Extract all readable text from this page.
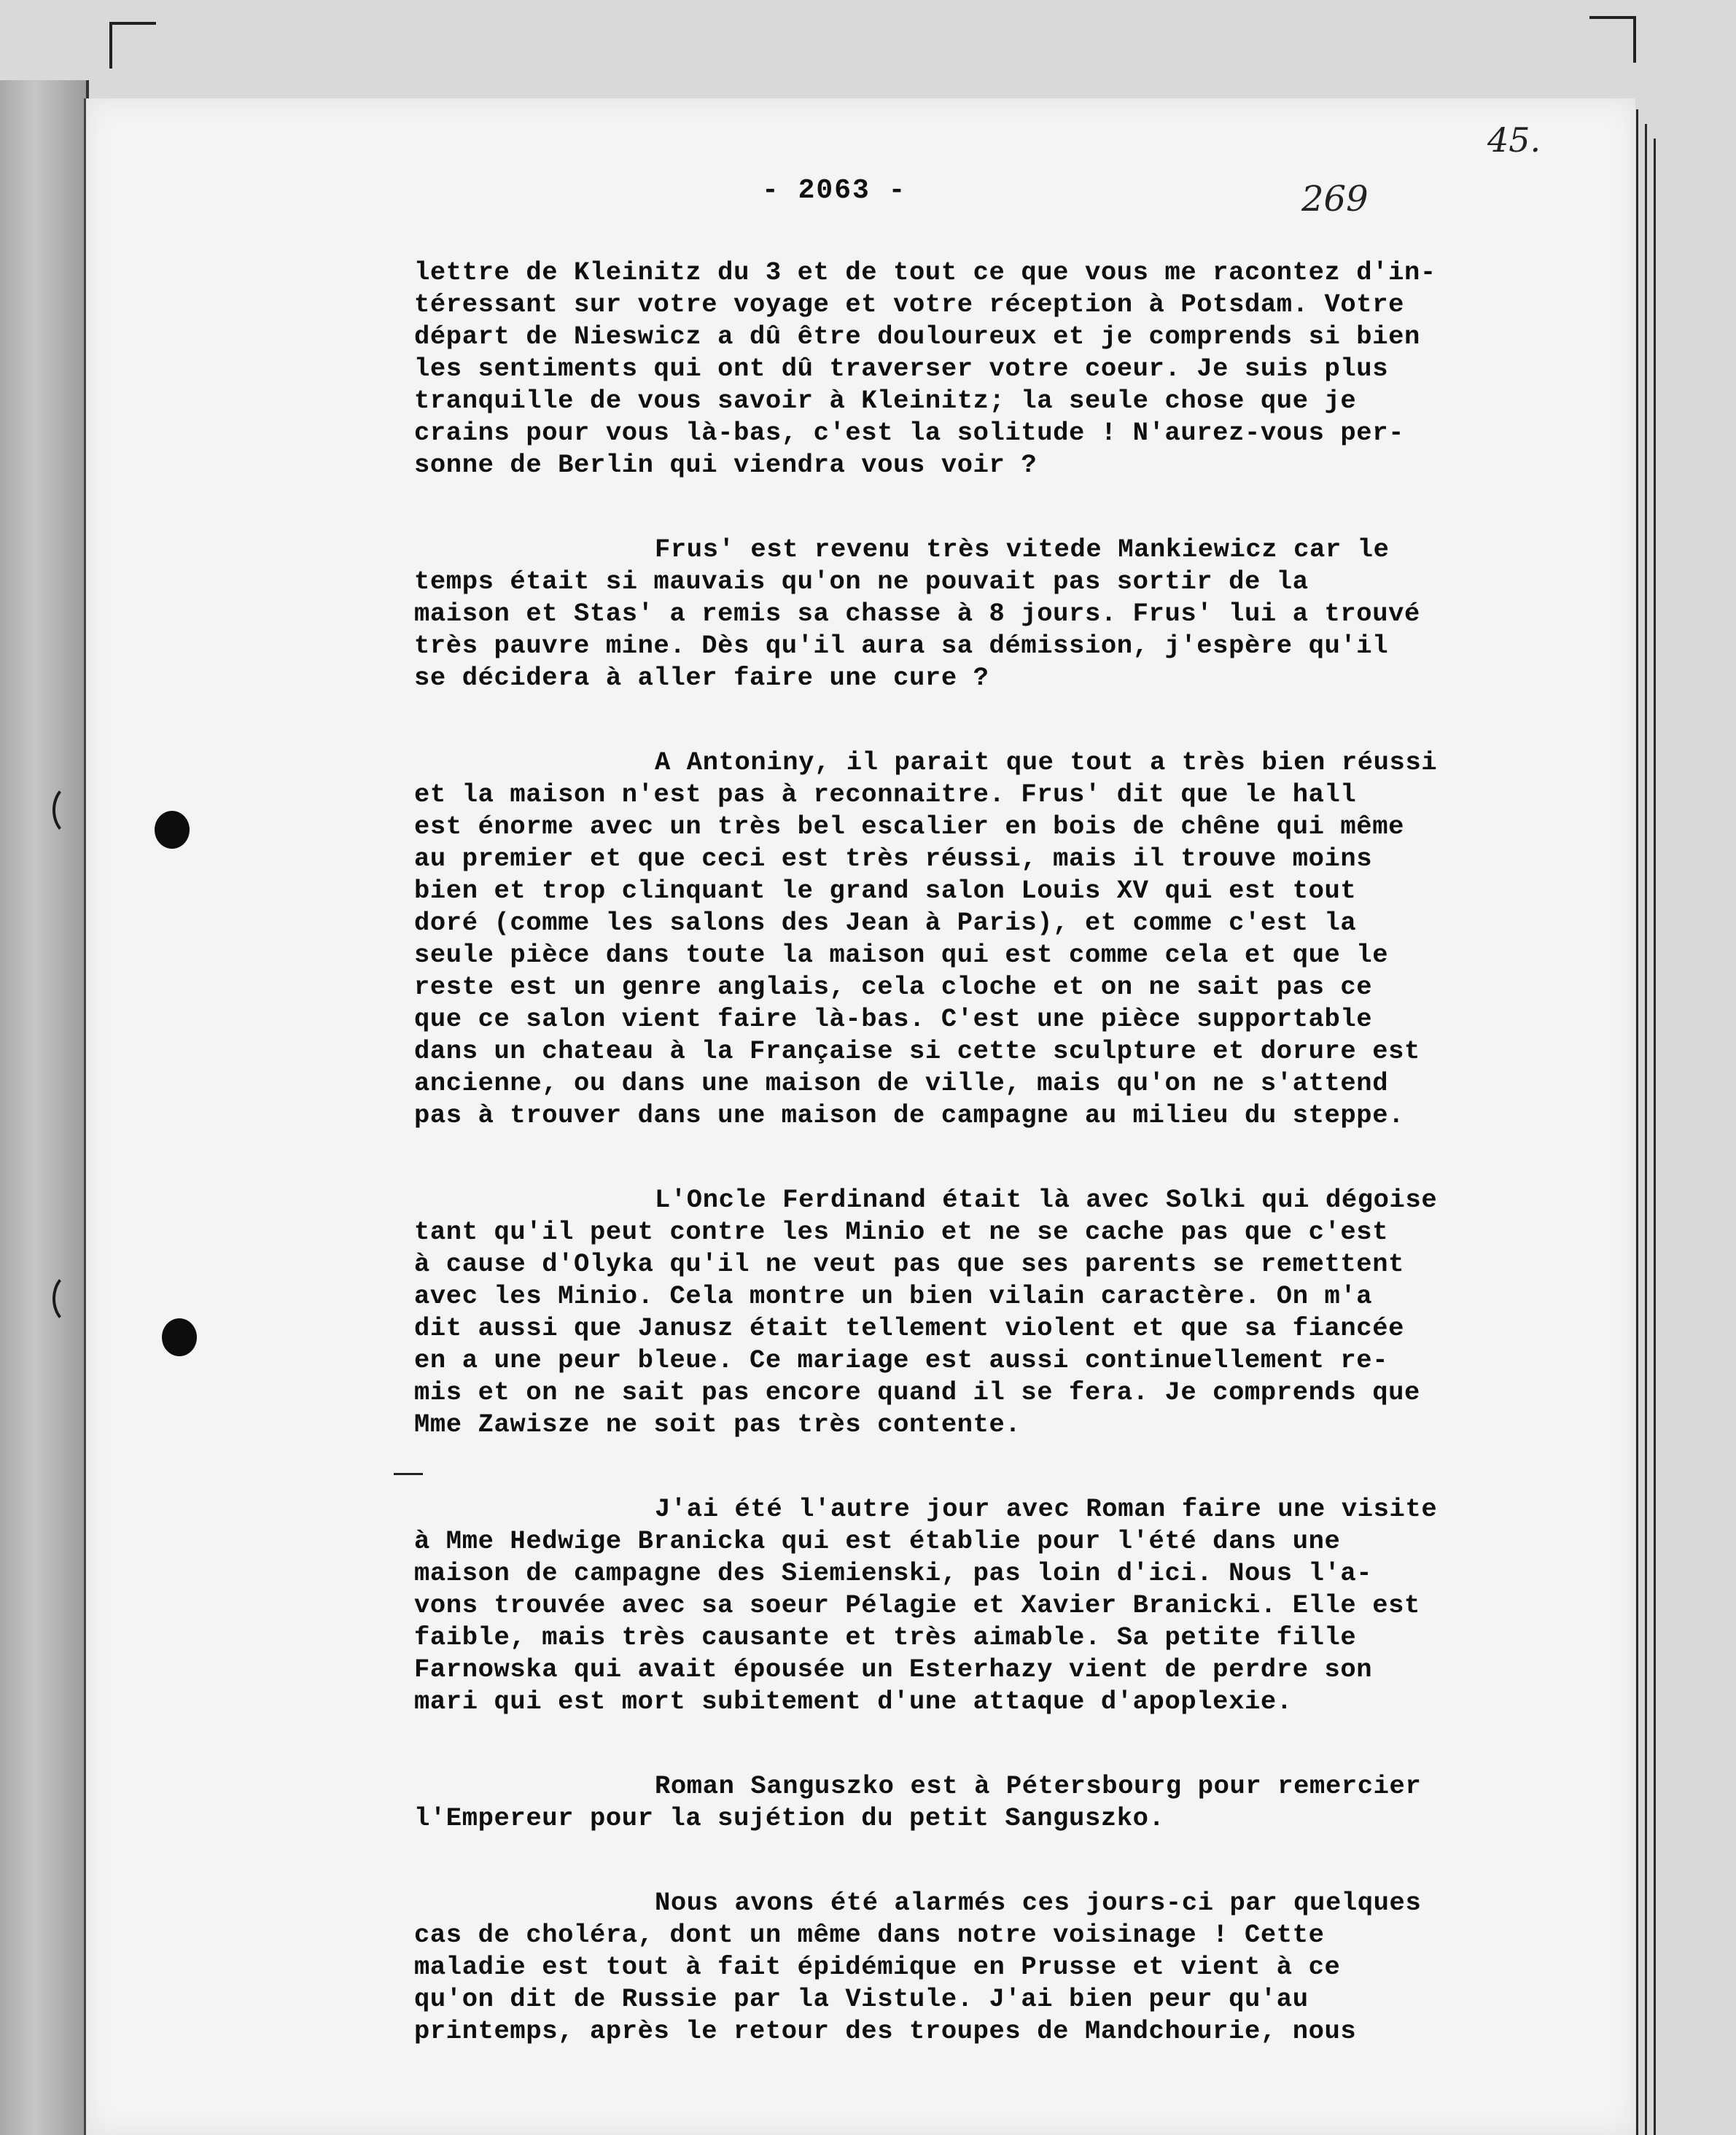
- 2063 -	269
45.
lettre de Kleinitz du 3 et de tout ce que vous me racontez d'in-
téressant sur votre voyage et votre réception à Potsdam. Votre
départ de Nieswicz a dû être douloureux et je comprends si bien
les sentiments qui ont dû traverser votre coeur. Je suis plus
tranquille de vous savoir à Kleinitz; la seule chose que je
crains pour vous là-bas, c'est la solitude ! N'aurez-vous per-
sonne de Berlin qui viendra vous voir ?
Frus' est revenu très vitede Mankiewicz car le
temps était si mauvais qu'on ne pouvait pas sortir de la
maison et Stas' a remis sa chasse à 8 jours. Frus' lui a trouvé
très pauvre mine. Dès qu'il aura sa démission, j'espère qu'il
se décidera à aller faire une cure ?
A Antoniny, il parait que tout a très bien réussi
et la maison n'est pas à reconnaitre. Frus' dit que le hall
est énorme avec un très bel escalier en bois de chêne qui même
au premier et que ceci est très réussi, mais il trouve moins
bien et trop clinquant le grand salon Louis XV qui est tout
doré (comme les salons des Jean à Paris), et comme c'est la
seule pièce dans toute la maison qui est comme cela et que le
reste est un genre anglais, cela cloche et on ne sait pas ce
que ce salon vient faire là-bas. C'est une pièce supportable
dans un chateau à la Française si cette sculpture et dorure est
ancienne, ou dans une maison de ville, mais qu'on ne s'attend
pas à trouver dans une maison de campagne au milieu du steppe.
L'Oncle Ferdinand était là avec Solki qui dégoise
tant qu'il peut contre les Minio et ne se cache pas que c'est
à cause d'Olyka qu'il ne veut pas que ses parents se remettent
avec les Minio. Cela montre un bien vilain caractère. On m'a
dit aussi que Janusz était tellement violent et que sa fiancée
en a une peur bleue. Ce mariage est aussi continuellement re-
mis et on ne sait pas encore quand il se fera. Je comprends que
Mme Zawisze ne soit pas très contente.
J'ai été l'autre jour avec Roman faire une visite
à Mme Hedwige Branicka qui est établie pour l'été dans une
maison de campagne des Siemienski, pas loin d'ici. Nous l'a-
vons trouvée avec sa soeur Pélagie et Xavier Branicki. Elle est
faible, mais très causante et très aimable. Sa petite fille
Farnowska qui avait épousée un Esterhazy vient de perdre son
mari qui est mort subitement d'une attaque d'apoplexie.
Roman Sanguszko est à Pétersbourg pour remercier
l'Empereur pour la sujétion du petit Sanguszko.
Nous avons été alarmés ces jours-ci par quelques
cas de choléra, dont un même dans notre voisinage ! Cette
maladie est tout à fait épidémique en Prusse et vient à ce
qu'on dit de Russie par la Vistule. J'ai bien peur qu'au
printemps, après le retour des troupes de Mandchourie, nous
